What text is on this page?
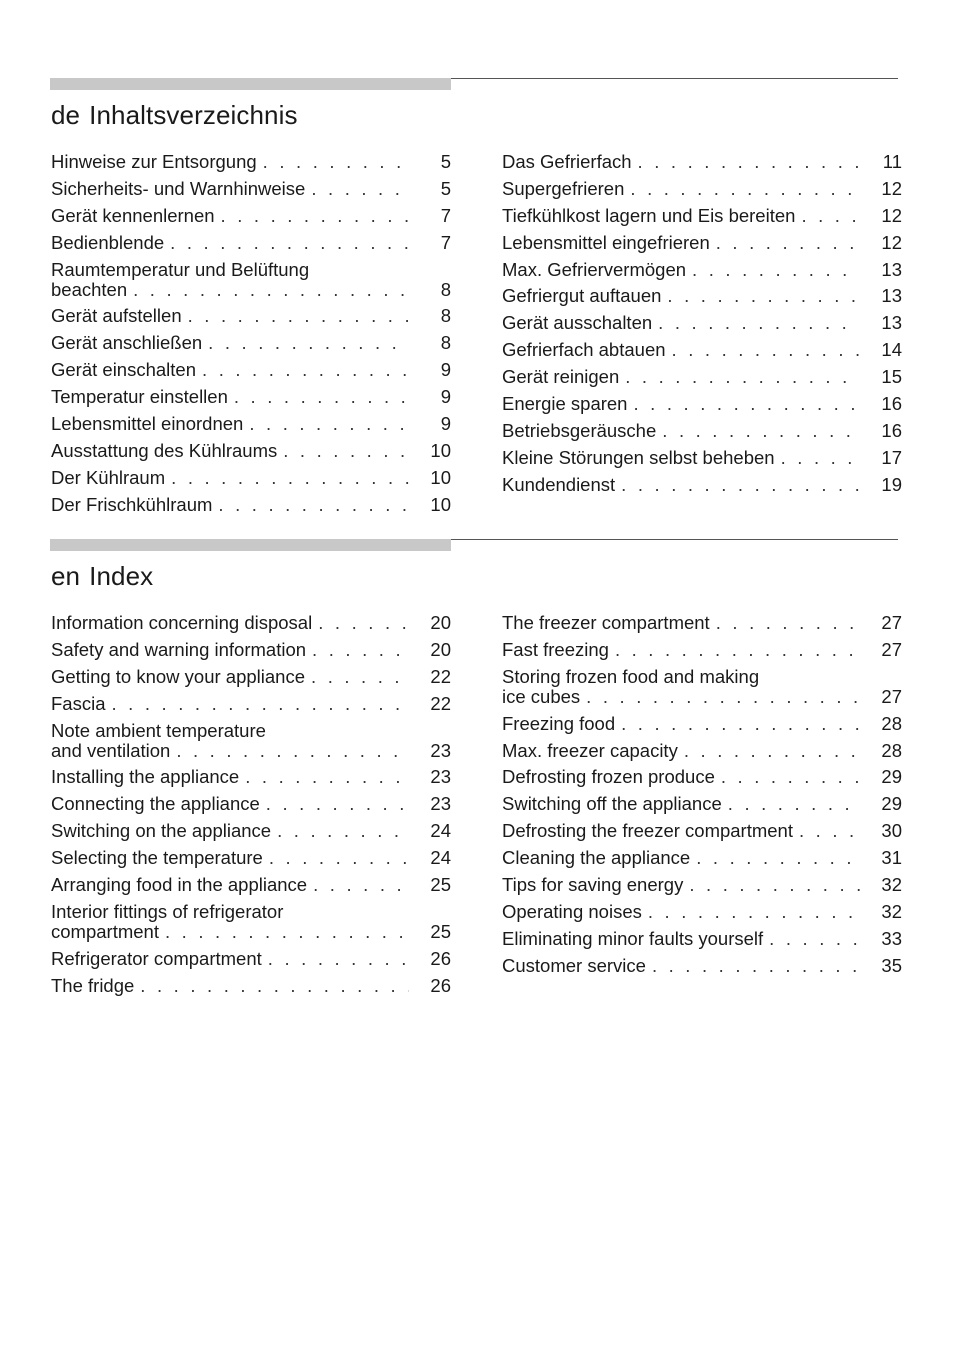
de Inhaltsverzeichnis
Hinweise zur Entsorgung . . .	5
Sicherheits- und Warnhinweise . . .	5
Gerät kennenlernen . . .	7
Bedienblende . . .	7
Raumtemperatur und Belüftung
beachten . . .	8
Gerät aufstellen . . .	8
Gerät anschließen . . .	8
Gerät einschalten . . .	9
Temperatur einstellen . . .	9
Lebensmittel einordnen . . .	9
Ausstattung des Kühlraums . . .	10
Der Kühlraum . . .	10
Der Frischkühlraum . . .	10
Das Gefrierfach . . .	11
Supergefrieren . . .	12
Tiefkühlkost lagern und Eis bereiten . . .	12
Lebensmittel eingefrieren . . .	12
Max. Gefriervermögen . . .	13
Gefriergut auftauen . . .	13
Gerät ausschalten . . .	13
Gefrierfach abtauen . . .	14
Gerät reinigen . . .	15
Energie sparen . . .	16
Betriebsgeräusche . . .	16
Kleine Störungen selbst beheben . . .	17
Kundendienst . . .	19
en Index
Information concerning disposal . . .	20
Safety and warning information . . .	20
Getting to know your appliance . . .	22
Fascia . . .	22
Note ambient temperature
and ventilation . . .	23
Installing the appliance . . .	23
Connecting the appliance . . .	23
Switching on the appliance . . .	24
Selecting the temperature . . .	24
Arranging food in the appliance . . .	25
Interior fittings of refrigerator
compartment . . .	25
Refrigerator compartment . . .	26
The fridge . . .	26
The freezer compartment . . .	27
Fast freezing . . .	27
Storing frozen food and making
ice cubes . . .	27
Freezing food . . .	28
Max. freezer capacity . . .	28
Defrosting frozen produce . . .	29
Switching off the appliance . . .	29
Defrosting the freezer compartment . . .	30
Cleaning the appliance . . .	31
Tips for saving energy . . .	32
Operating noises . . .	32
Eliminating minor faults yourself . . .	33
Customer service . . .	35
